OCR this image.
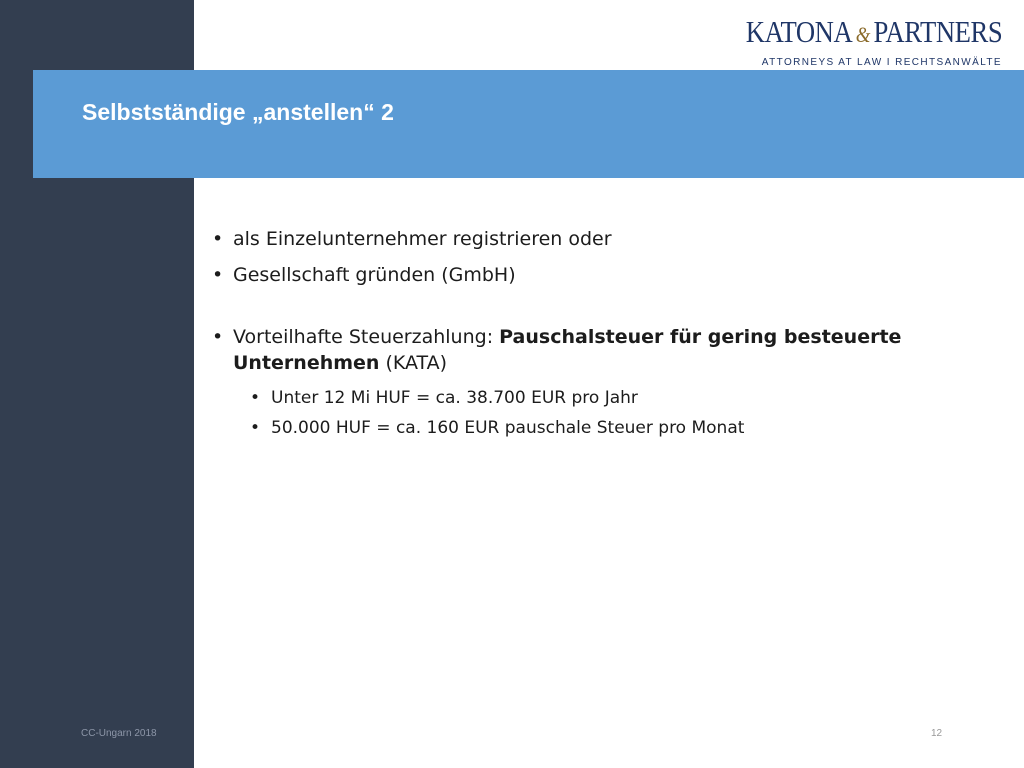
KATONA & PARTNERS
ATTORNEYS AT LAW I RECHTSANWÄLTE
Selbstständige „anstellen“ 2
• als Einzelunternehmer registrieren oder
• Gesellschaft gründen (GmbH)
• Vorteilhafte Steuerzahlung: Pauschalsteuer für gering besteuerte Unternehmen (KATA)
• Unter 12 Mi HUF = ca. 38.700 EUR pro Jahr
• 50.000 HUF = ca. 160 EUR pauschale Steuer pro Monat
CC-Ungarn 2018	12
